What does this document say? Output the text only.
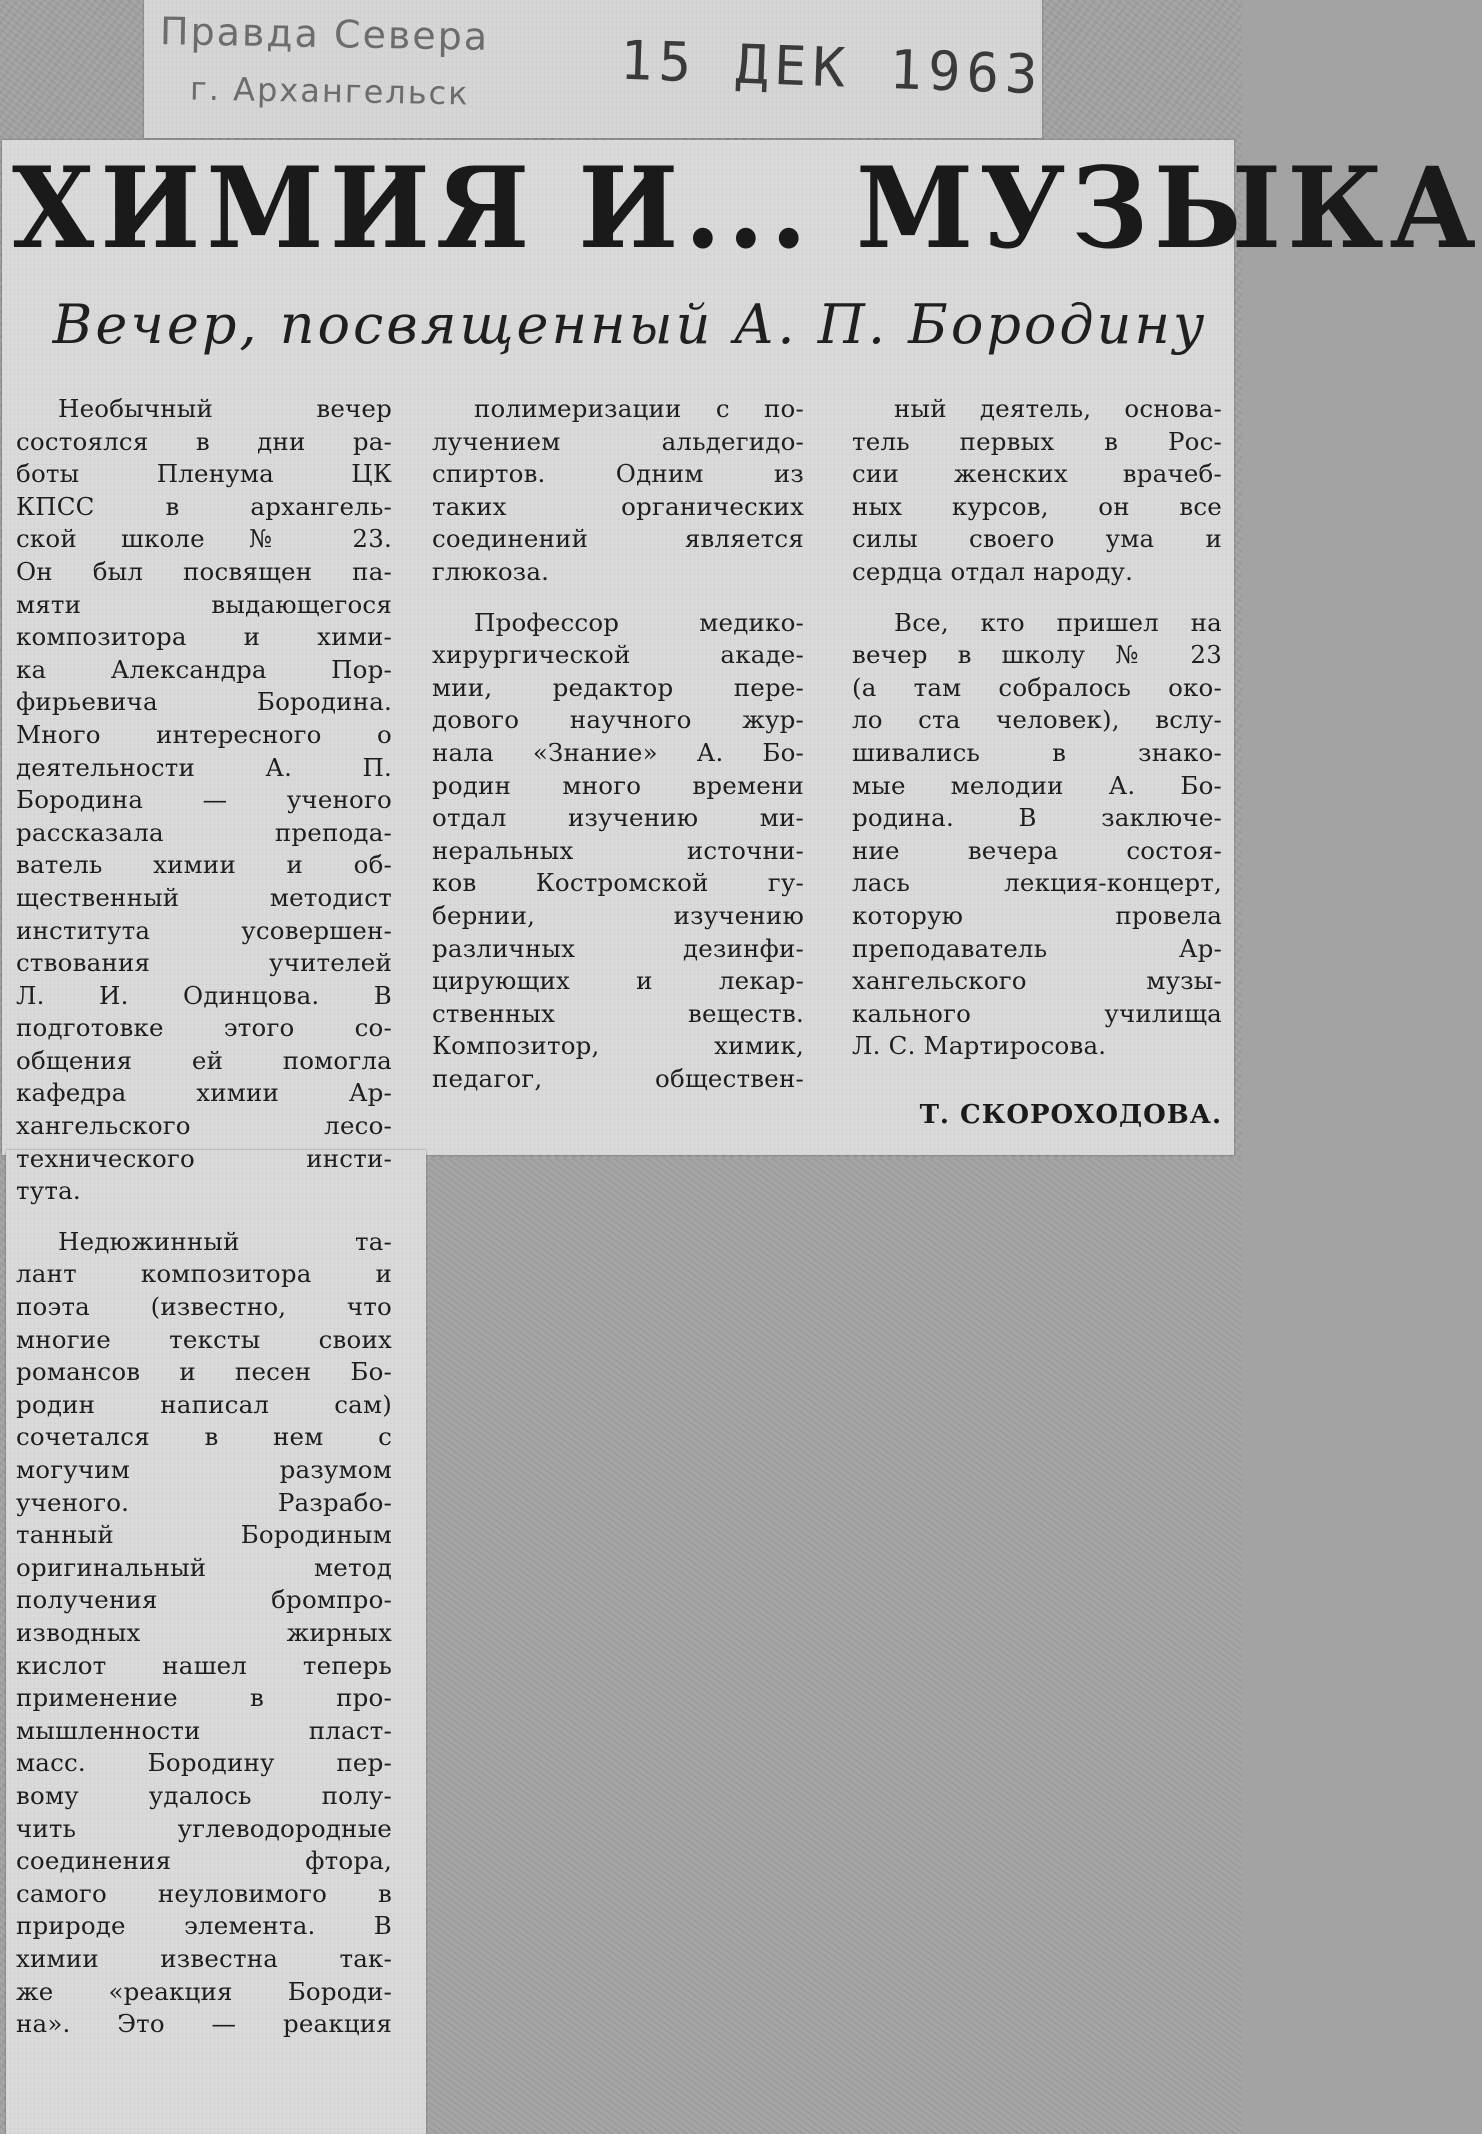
Правда Севера
г. Архангельск	15 ДЕК 1963
ХИМИЯ И... МУЗЫКА
Вечер, посвященный А. П. Бородину
Необычный вечер
состоялся в дни ра-
боты Пленума ЦК
КПСС в архангель-
ской школе № 23.
Он был посвящен па-
мяти выдающегося
композитора и хими-
ка Александра Пор-
фирьевича Бородина.
Много интересного о
деятельности А. П.
Бородина — ученого
рассказала препода-
ватель химии и об-
щественный методист
института усовершен-
ствования учителей
Л. И. Одинцова. В
подготовке этого со-
общения ей помогла
кафедра химии Ар-
хангельского лесо-
технического инсти-
тута.
Недюжинный та-
лант композитора и
поэта (известно, что
многие тексты своих
романсов и песен Бо-
родин написал сам)
сочетался в нем с
могучим разумом
ученого. Разрабо-
танный Бородиным
оригинальный метод
получения бромпро-
изводных жирных
кислот нашел теперь
применение в про-
мышленности пласт-
масс. Бородину пер-
вому удалось полу-
чить углеводородные
соединения фтора,
самого неуловимого в
природе элемента. В
химии известна так-
же «реакция Бороди-
на». Это — реакция
полимеризации с по-
лучением альдегидо-
спиртов. Одним из
таких органических
соединений является
глюкоза.
Профессор медико-
хирургической акаде-
мии, редактор пере-
дового научного жур-
нала «Знание» А. Бо-
родин много времени
отдал изучению ми-
неральных источни-
ков Костромской гу-
бернии, изучению
различных дезинфи-
цирующих и лекар-
ственных веществ.
Композитор, химик,
педагог, обществен-
ный деятель, основа-
тель первых в Рос-
сии женских врачеб-
ных курсов, он все
силы своего ума и
сердца отдал народу.
Все, кто пришел на
вечер в школу № 23
(а там собралось око-
ло ста человек), вслу-
шивались в знако-
мые мелодии А. Бо-
родина. В заключе-
ние вечера состоя-
лась лекция-концерт,
которую провела
преподаватель Ар-
хангельского музы-
кального училища
Л. С. Мартиросова.
Т. СКОРОХОДОВА.
